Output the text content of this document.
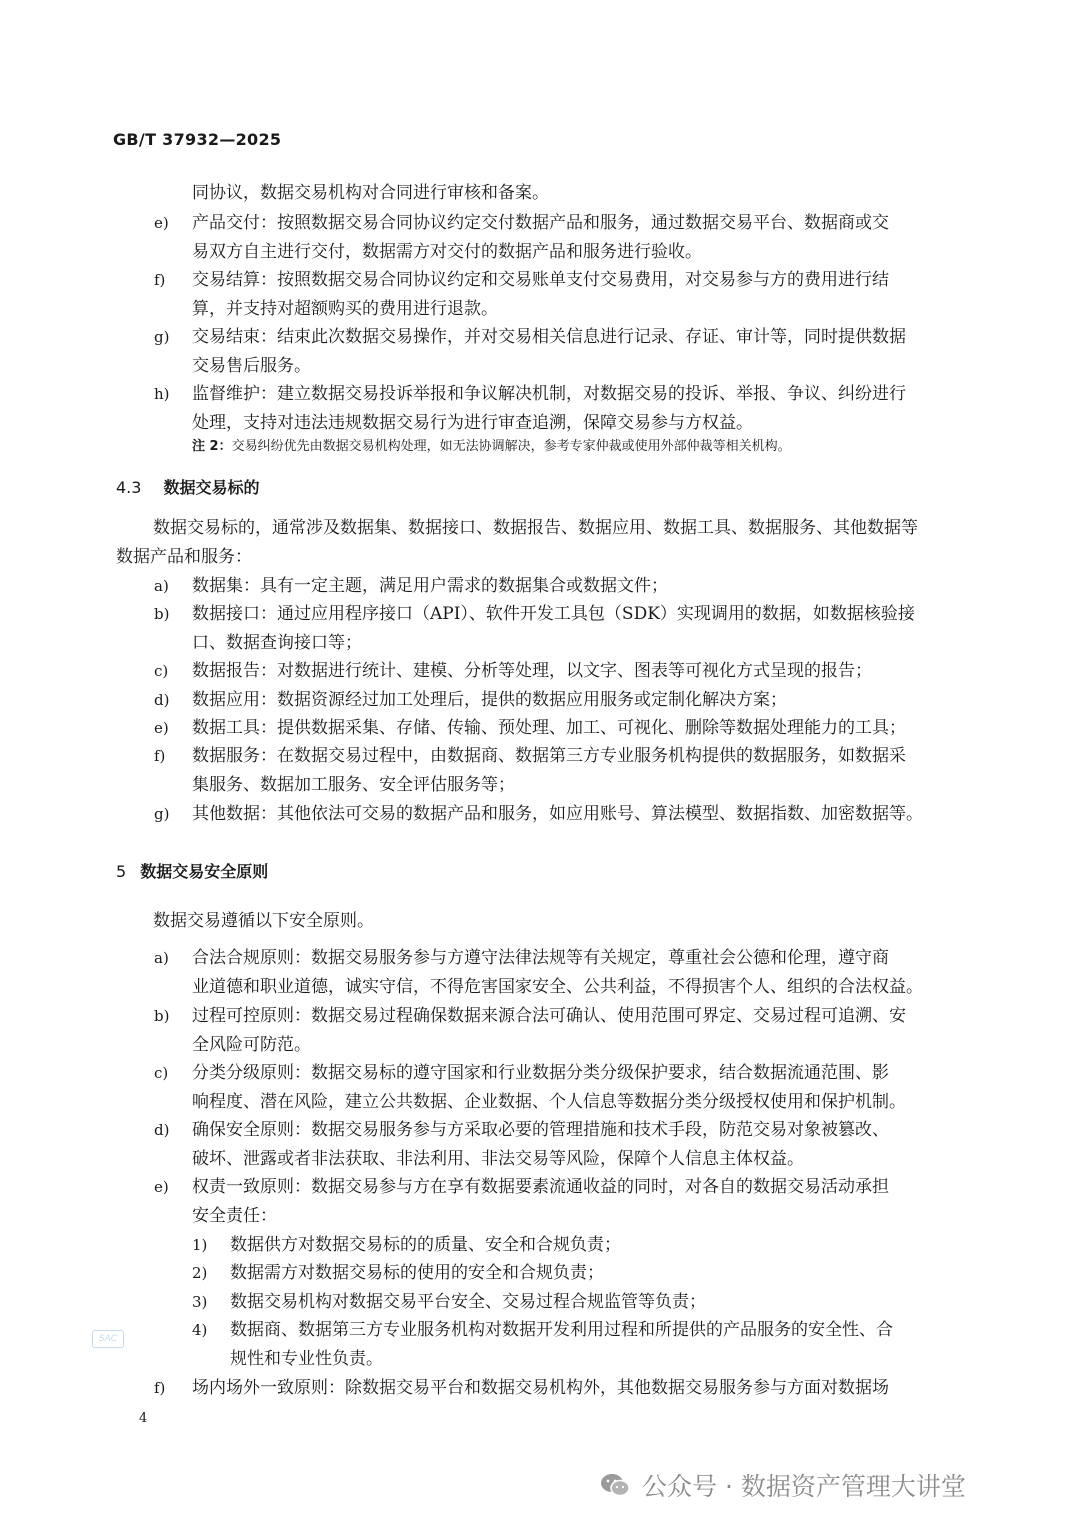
GB/T 37932—2025
同协议，数据交易机构对合同进行审核和备案。
e) 产品交付：按照数据交易合同协议约定交付数据产品和服务，通过数据交易平台、数据商或交
易双方自主进行交付，数据需方对交付的数据产品和服务进行验收。
f) 交易结算：按照数据交易合同协议约定和交易账单支付交易费用，对交易参与方的费用进行结
算，并支持对超额购买的费用进行退款。
g) 交易结束：结束此次数据交易操作，并对交易相关信息进行记录、存证、审计等，同时提供数据
交易售后服务。
h) 监督维护：建立数据交易投诉举报和争议解决机制，对数据交易的投诉、举报、争议、纠纷进行
处理，支持对违法违规数据交易行为进行审查追溯，保障交易参与方权益。
数据交易标的，通常涉及数据集、数据接口、数据报告、数据应用、数据工具、数据服务、其他数据等
数据产品和服务：
a) 数据集：具有一定主题，满足用户需求的数据集合或数据文件；
b) 数据接口：通过应用程序接口（API）、软件开发工具包（SDK）实现调用的数据，如数据核验接
口、数据查询接口等；
c) 数据报告：对数据进行统计、建模、分析等处理，以文字、图表等可视化方式呈现的报告；
d) 数据应用：数据资源经过加工处理后，提供的数据应用服务或定制化解决方案；
e) 数据工具：提供数据采集、存储、传输、预处理、加工、可视化、删除等数据处理能力的工具；
f) 数据服务：在数据交易过程中，由数据商、数据第三方专业服务机构提供的数据服务，如数据采
集服务、数据加工服务、安全评估服务等；
g) 其他数据：其他依法可交易的数据产品和服务，如应用账号、算法模型、数据指数、加密数据等。
数据交易遵循以下安全原则。
a) 合法合规原则：数据交易服务参与方遵守法律法规等有关规定，尊重社会公德和伦理，遵守商
业道德和职业道德，诚实守信，不得危害国家安全、公共利益，不得损害个人、组织的合法权益。
b) 过程可控原则：数据交易过程确保数据来源合法可确认、使用范围可界定、交易过程可追溯、安
全风险可防范。
c) 分类分级原则：数据交易标的遵守国家和行业数据分类分级保护要求，结合数据流通范围、影
响程度、潜在风险，建立公共数据、企业数据、个人信息等数据分类分级授权使用和保护机制。
d) 确保安全原则：数据交易服务参与方采取必要的管理措施和技术手段，防范交易对象被篡改、
破坏、泄露或者非法获取、非法利用、非法交易等风险，保障个人信息主体权益。
e) 权责一致原则：数据交易参与方在享有数据要素流通收益的同时，对各自的数据交易活动承担
安全责任：
1) 数据供方对数据交易标的的质量、安全和合规负责；
2) 数据需方对数据交易标的使用的安全和合规负责；
3) 数据交易机构对数据交易平台安全、交易过程合规监管等负责；
4) 数据商、数据第三方专业服务机构对数据开发利用过程和所提供的产品服务的安全性、合
规性和专业性负责。
f) 场内场外一致原则：除数据交易平台和数据交易机构外，其他数据交易服务参与方面对数据场
4.3 数据交易标的
5 数据交易安全原则
注 2：交易纠纷优先由数据交易机构处理，如无法协调解决，参考专家仲裁或使用外部仲裁等相关机构。
SAC
4
公众号 · 数据资产管理大讲堂
